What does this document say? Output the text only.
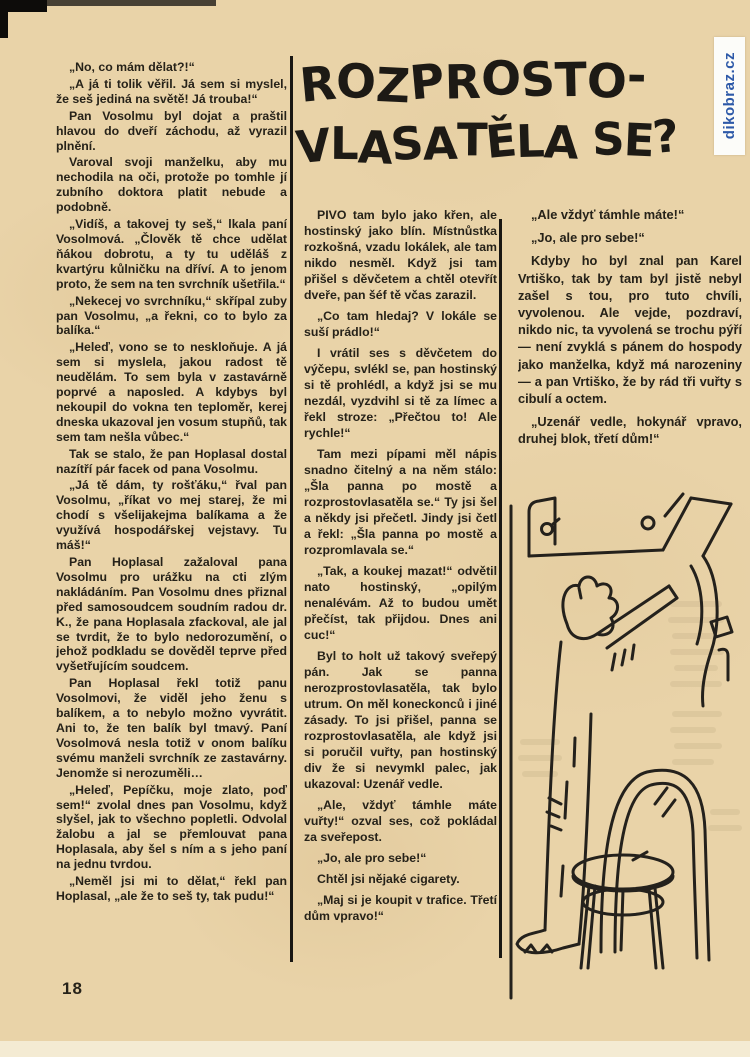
dikobraz.cz
ROZPROSTO-
VLASATĚLA SE?

„No, co mám dělat?!“

„A já ti tolik věřil. Já sem si myslel, že seš jediná na světě! Já trouba!“

Pan Vosolmu byl dojat a praštil hlavou do dveří záchodu, až vyrazil plnění.

Varoval svoji manželku, aby mu nechodila na oči, protože po tomhle jí zubního doktora platit nebude a podobně.

„Vidíš, a takovej ty seš,“ lkala paní Vosolmová. „Člověk tě chce udělat ňákou dobrotu, a ty tu uděláš z kvartýru kůlničku na dříví. A to jenom proto, že sem na ten svrchník ušetřila.“

„Nekecej vo svrchníku,“ skřípal zuby pan Vosolmu, „a řekni, co to bylo za balíka.“

„Heleď, vono se to neskloňuje. A já sem si myslela, jakou radost tě neudělám. To sem byla v zastavárně poprvé a naposled. A kdybys byl nekoupil do vokna ten teploměr, kerej dneska ukazoval jen vosum stupňů, tak sem tam nešla vůbec.“

Tak se stalo, že pan Hoplasal dostal nazítří pár facek od pana Vosolmu.

„Já tě dám, ty rošťáku,“ řval pan Vosolmu, „říkat vo mej starej, že mi chodí s všelijakejma balíkama a že využívá hospodářskej vejstavy. Tu máš!“

Pan Hoplasal zažaloval pana Vosolmu pro urážku na cti zlým nakládáním. Pan Vosolmu dnes přiznal před samosoudcem soudním radou dr. K., že pana Hoplasala zfackoval, ale jal se tvrdit, že to bylo nedorozumění, o jehož podkladu se dověděl teprve před vyšetřujícím soudcem.

Pan Hoplasal řekl totiž panu Vosolmovi, že viděl jeho ženu s balíkem, a to nebylo možno vyvrátit. Ani to, že ten balík byl tmavý. Paní Vosolmová nesla totiž v onom balíku svému manželi svrchník ze zastavárny. Jenomže si nerozuměli…

„Heleď, Pepíčku, moje zlato, poď sem!“ zvolal dnes pan Vosolmu, když slyšel, jak to všechno popletli. Odvolal žalobu a jal se přemlouvat pana Hoplasala, aby šel s ním a s jeho paní na jednu tvrdou.

„Neměl jsi mi to dělat,“ řekl pan Hoplasal, „ale že to seš ty, tak pudu!“

PIVO tam bylo jako křen, ale hostinský jako blín. Místnůstka rozkošná, vzadu lokálek, ale tam nikdo nesměl. Když jsi tam přišel s děvčetem a chtěl otevřít dveře, pan šéf tě včas zarazil.

„Co tam hledaj? V lokále se suší prádlo!“

I vrátil ses s děvčetem do výčepu, svlékl se, pan hostinský si tě prohlédl, a když jsi se mu nezdál, vyzdvihl si tě za límec a řekl stroze: „Přečtou to! Ale rychle!“

Tam mezi pípami měl nápis snadno čitelný a na něm stálo: „Šla panna po mostě a rozprostovlasatěla se.“ Ty jsi šel a někdy jsi přečetl. Jindy jsi četl a řekl: „Šla panna po mostě a rozpromlavala se.“

„Tak, a koukej mazat!“ odvětil nato hostinský, „opilým nenalévám. Až to budou umět přečíst, tak přijdou. Dnes ani cuc!“

Byl to holt už takový sveřepý pán. Jak se panna nerozprostovlasatěla, tak bylo utrum. On měl koneckonců i jiné zásady. To jsi přišel, panna se rozprostovlasatěla, ale když jsi si poručil vuřty, pan hostinský div že si nevymkl palec, jak ukazoval: Uzenář vedle.

„Ale, vždyť támhle máte vuřty!“ ozval ses, což pokládal za sveřepost.

„Jo, ale pro sebe!“

Chtěl jsi nějaké cigarety.

„Maj si je koupit v trafice. Třetí dům vpravo!“

„Ale vždyť támhle máte!“

„Jo, ale pro sebe!“

Kdyby ho byl znal pan Karel Vrtiško, tak by tam byl jistě nebyl zašel s tou, pro tuto chvíli, vyvolenou. Ale vejde, pozdraví, nikdo nic, ta vyvolená se trochu pýří — není zvyklá s pánem do hospody jako manželka, když má narozeniny — a pan Vrtiško, že by rád tři vuřty s cibulí a octem.

„Uzenář vedle, hokynář vpravo, druhej blok, třetí dům!“

18
